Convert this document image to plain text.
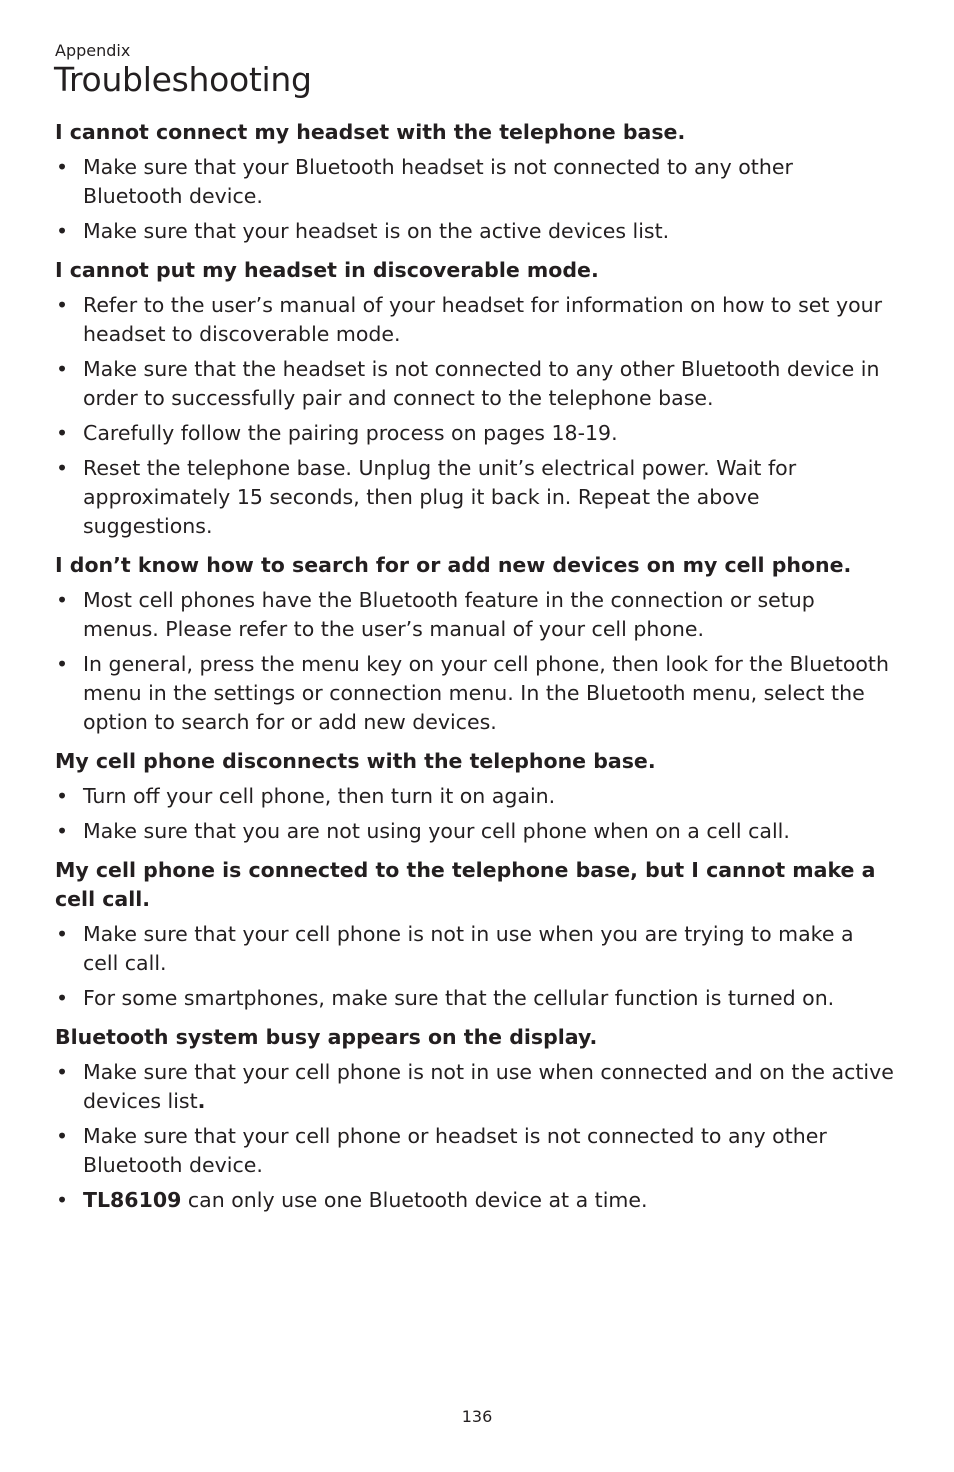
Appendix
Troubleshooting

I cannot connect my headset with the telephone base.

• Make sure that your Bluetooth headset is not connected to any other Bluetooth device.
• Make sure that your headset is on the active devices list.

I cannot put my headset in discoverable mode.

• Refer to the user’s manual of your headset for information on how to set your headset to discoverable mode.
• Make sure that the headset is not connected to any other Bluetooth device in order to successfully pair and connect to the telephone base.
• Carefully follow the pairing process on pages 18-19.
• Reset the telephone base. Unplug the unit’s electrical power. Wait for approximately 15 seconds, then plug it back in. Repeat the above suggestions.

I don’t know how to search for or add new devices on my cell phone.

• Most cell phones have the Bluetooth feature in the connection or setup menus. Please refer to the user’s manual of your cell phone.
• In general, press the menu key on your cell phone, then look for the Bluetooth menu in the settings or connection menu. In the Bluetooth menu, select the option to search for or add new devices.

My cell phone disconnects with the telephone base.

• Turn off your cell phone, then turn it on again.
• Make sure that you are not using your cell phone when on a cell call.

My cell phone is connected to the telephone base, but I cannot make a cell call.

• Make sure that your cell phone is not in use when you are trying to make a cell call.
• For some smartphones, make sure that the cellular function is turned on.

Bluetooth system busy appears on the display.

• Make sure that your cell phone is not in use when connected and on the active devices list.
• Make sure that your cell phone or headset is not connected to any other Bluetooth device.
• TL86109 can only use one Bluetooth device at a time.
136
